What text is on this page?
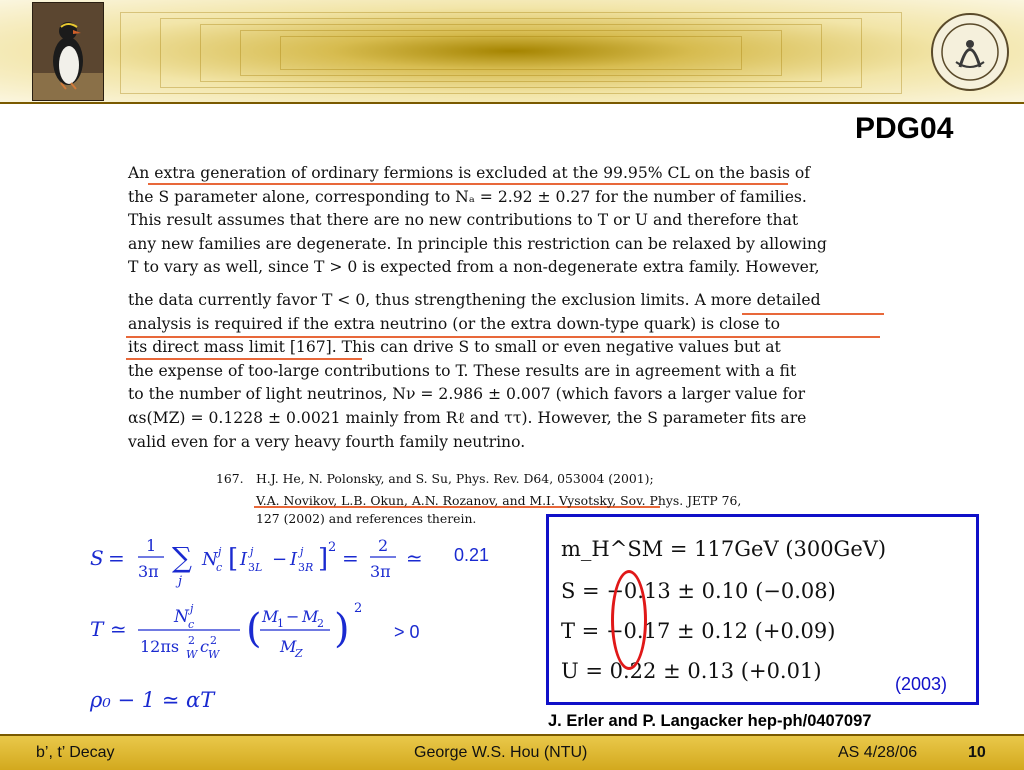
PDG04
An extra generation of ordinary fermions is excluded at the 99.95% CL on the basis of
the S parameter alone, corresponding to Nₐ = 2.92 ± 0.27 for the number of families.
This result assumes that there are no new contributions to T or U and therefore that
any new families are degenerate. In principle this restriction can be relaxed by allowing
T to vary as well, since T > 0 is expected from a non-degenerate extra family. However,
the data currently favor T < 0, thus strengthening the exclusion limits. A more detailed
analysis is required if the extra neutrino (or the extra down-type quark) is close to
its direct mass limit [167]. This can drive S to small or even negative values but at
the expense of too-large contributions to T. These results are in agreement with a fit
to the number of light neutrinos, Nν = 2.986 ± 0.007 (which favors a larger value for
αs(MZ) = 0.1228 ± 0.0021 mainly from Rℓ and ττ). However, the S parameter fits are
valid even for a very heavy fourth family neutrino.
167. H.J. He, N. Polonsky, and S. Su, Phys. Rev. D64, 053004 (2001);
V.A. Novikov, L.B. Okun, A.N. Rozanov, and M.I. Vysotsky, Sov. Phys. JETP 76,
127 (2002) and references therein.
S =
1
3π ∑
j
N
c
j [ I 3 L
j − I 3 R
j ] 2 =
2
3π
≃ 0.21
T ≃	N c
j
12πs W
2 c W
2 ( M
1 − M
2
M
Z
) 2
> 0
ρ₀ − 1 ≃ αT
m_H^SM = 117GeV (300GeV)
S = −0.13 ± 0.10 (−0.08)
T = −0.17 ± 0.12 (+0.09)
U = 0.22 ± 0.13 (+0.01)
(2003)
J. Erler and P. Langacker hep-ph/0407097
b’, t’ Decay	George W.S. Hou (NTU)	AS 4/28/06	10
